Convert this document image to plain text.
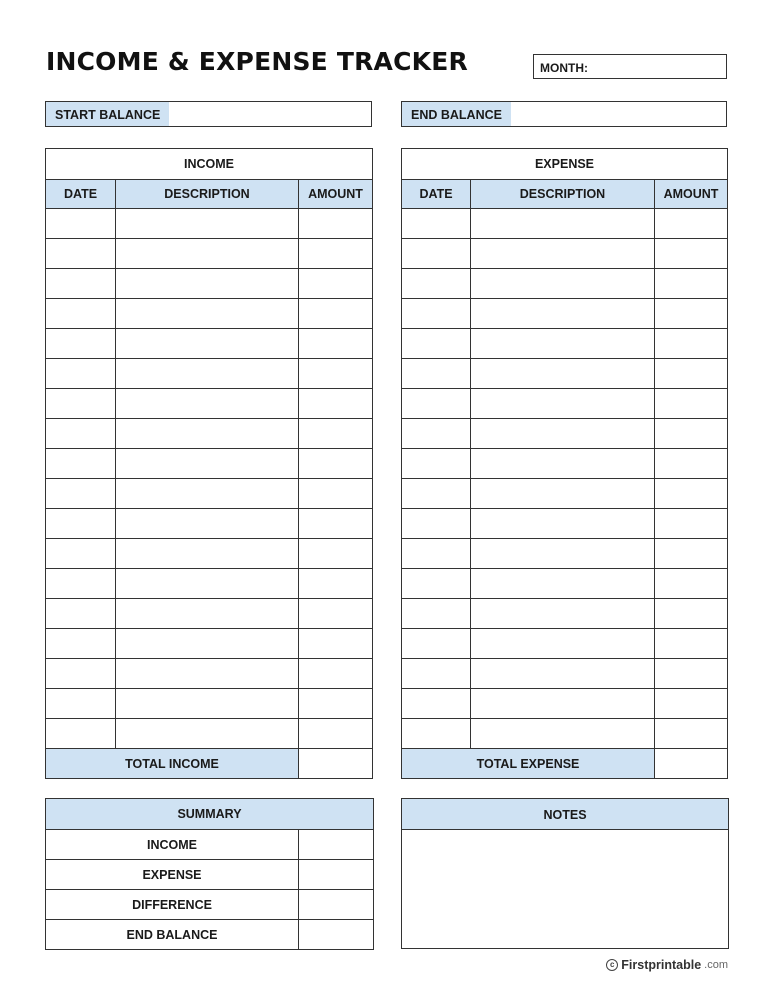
INCOME & EXPENSE TRACKER	MONTH:
START BALANCE	END BALANCE
INCOME		
DATE	DESCRIPTION	AMOUNT

TOTAL INCOME		
EXPENSE		
DATE	DESCRIPTION	AMOUNT

TOTAL EXPENSE		
SUMMARY	
INCOME	
EXPENSE	
DIFFERENCE	
END BALANCE	
NOTES
c Firstprintable .com
